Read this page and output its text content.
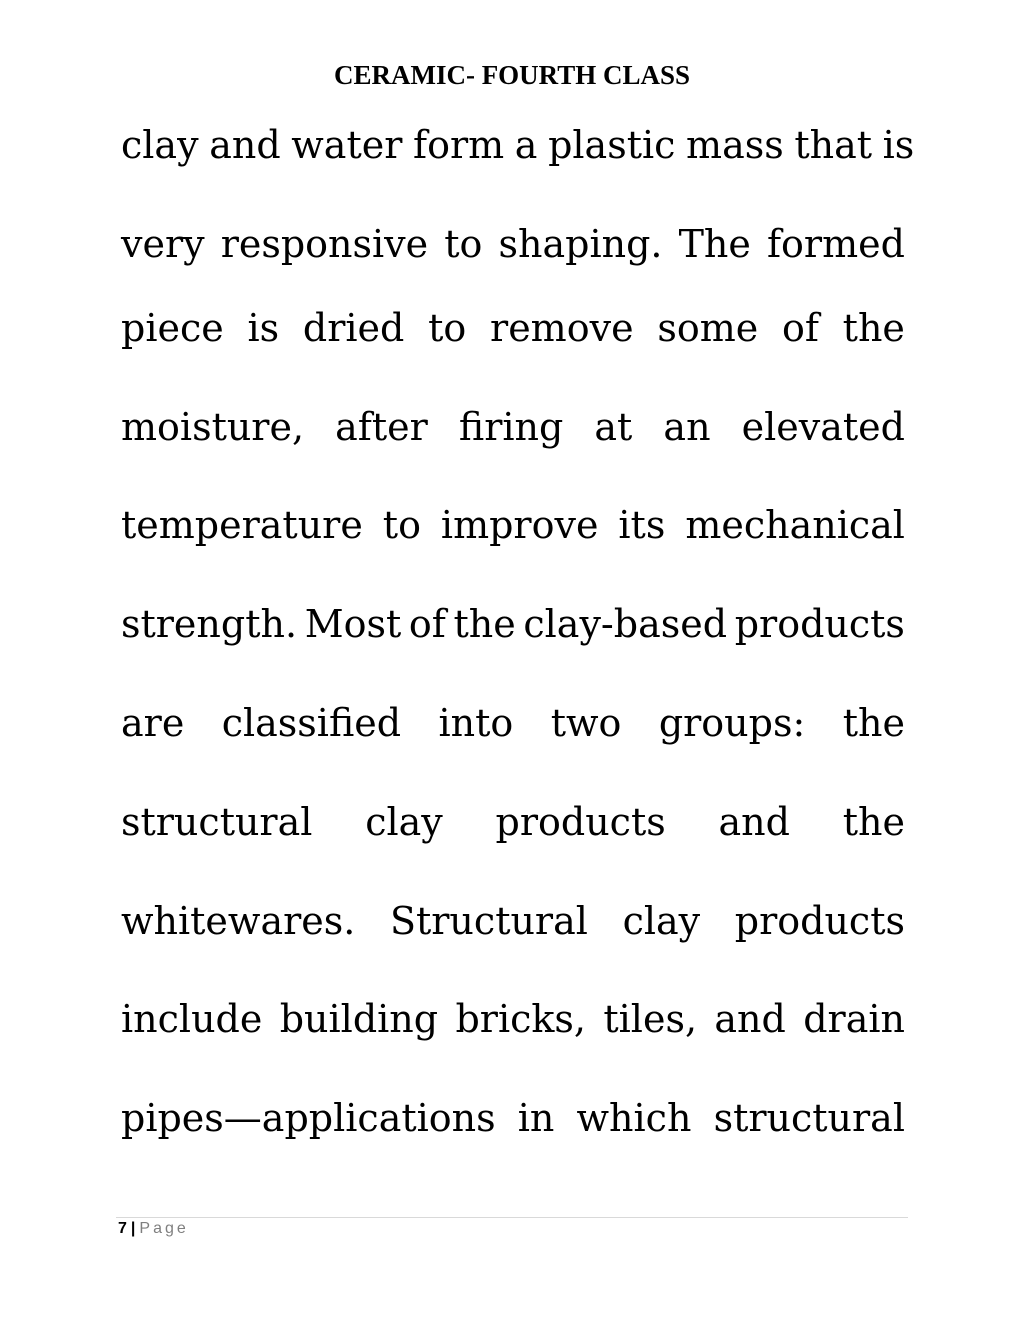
CERAMIC- FOURTH CLASS
clay and water form a plastic mass that is
very responsive to shaping. The formed
piece is dried to remove some of the
moisture, after firing at an elevated
temperature to improve its mechanical
strength. Most of the clay-based products
are classified into two groups: the
structural clay products and the
whitewares. Structural clay products
include building bricks, tiles, and drain
pipes—applications in which structural
7 | Page
